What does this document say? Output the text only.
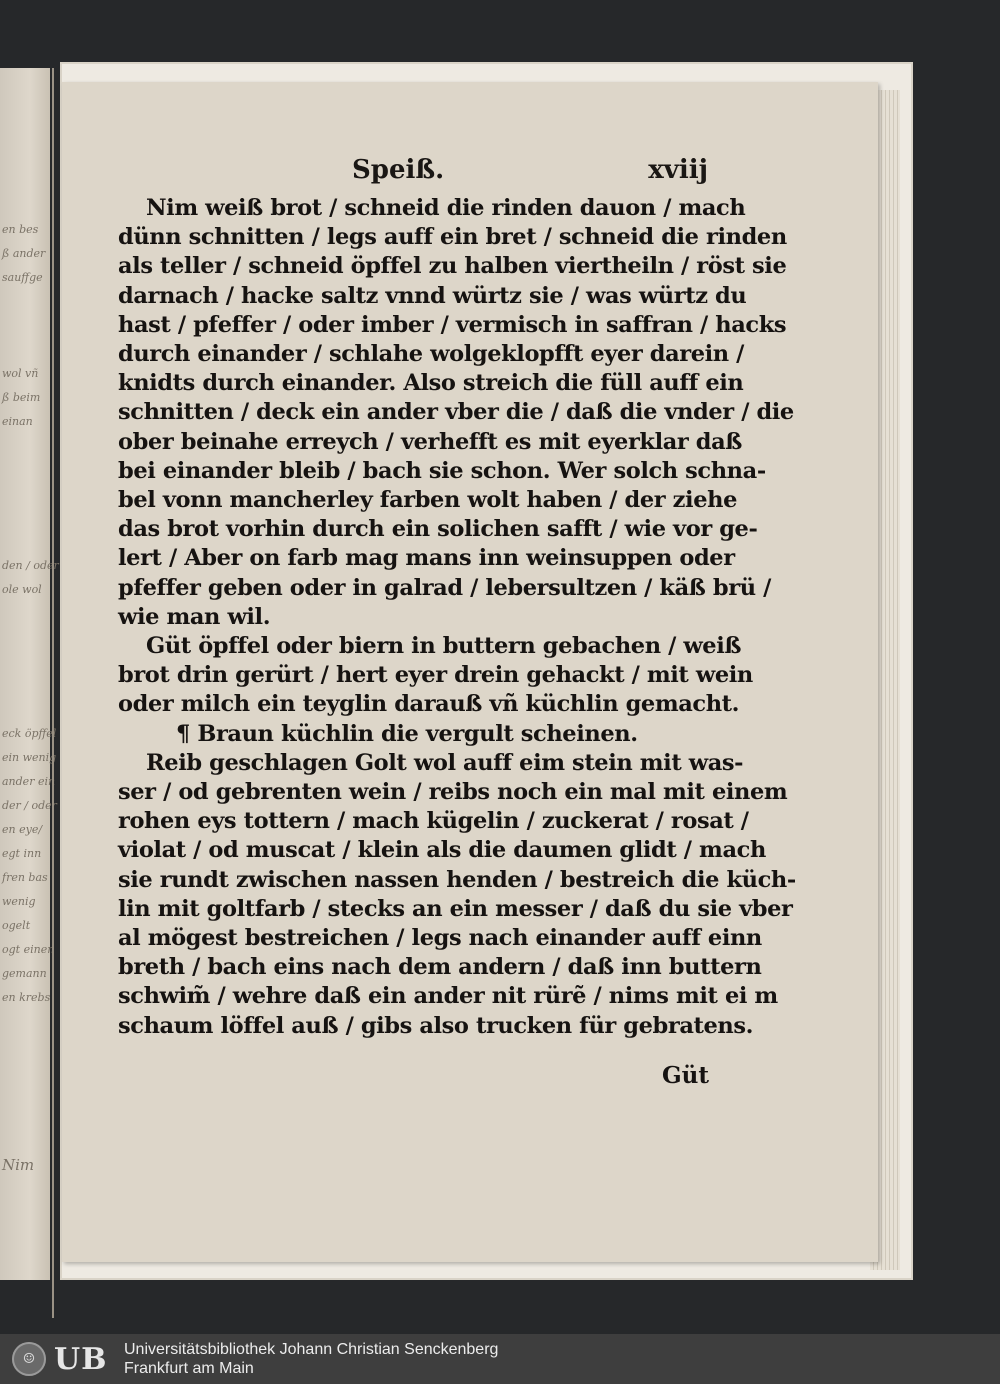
en bes
ß ander
sauffge
wol vñ
ß beim
einan
den / oder
ole wol
eck öpffel
ein wenig
ander ein
der / oder
en eye/
egt inn
fren bas
wenig
ogelt
ogt einen
gemann
en krebs
Nim
Speiß.	xviij
Nim weiß brot / schneid die rinden dauon / mach
dünn schnitten / legs auff ein bret / schneid die rinden
als teller / schneid öpffel zu halben viertheiln / röst sie
darnach / hacke saltz vnnd würtz sie / was würtz du
hast / pfeffer / oder imber / vermisch in saffran / hacks
durch einander / schlahe wolgeklopfft eyer darein /
knidts durch einander. Also streich die füll auff ein
schnitten / deck ein ander vber die / daß die vnder / die
ober beinahe erreych / verhefft es mit eyerklar daß
bei einander bleib / bach sie schon. Wer solch schna-
bel vonn mancherley farben wolt haben / der ziehe
das brot vorhin durch ein solichen safft / wie vor ge-
lert / Aber on farb mag mans inn weinsuppen oder
pfeffer geben oder in galrad / lebersultzen / käß brü /
wie man wil.
Güt öpffel oder biern in buttern gebachen / weiß
brot drin gerürt / hert eyer drein gehackt / mit wein
oder milch ein teyglin darauß vñ küchlin gemacht.
¶ Braun küchlin die vergult scheinen.
Reib geschlagen Golt wol auff eim stein mit was-
ser / od gebrenten wein / reibs noch ein mal mit einem
rohen eys tottern / mach kügelin / zuckerat / rosat /
violat / od muscat / klein als die daumen glidt / mach
sie rundt zwischen nassen henden / bestreich die küch-
lin mit goltfarb / stecks an ein messer / daß du sie vber
al mögest bestreichen / legs nach einander auff einn
breth / bach eins nach dem andern / daß inn buttern
schwim̃ / wehre daß ein ander nit rürẽ / nims mit ei m
schaum löffel auß / gibs also trucken für gebratens.
Güt
☺ UB Universitätsbibliothek Johann Christian Senckenberg
Frankfurt am Main
